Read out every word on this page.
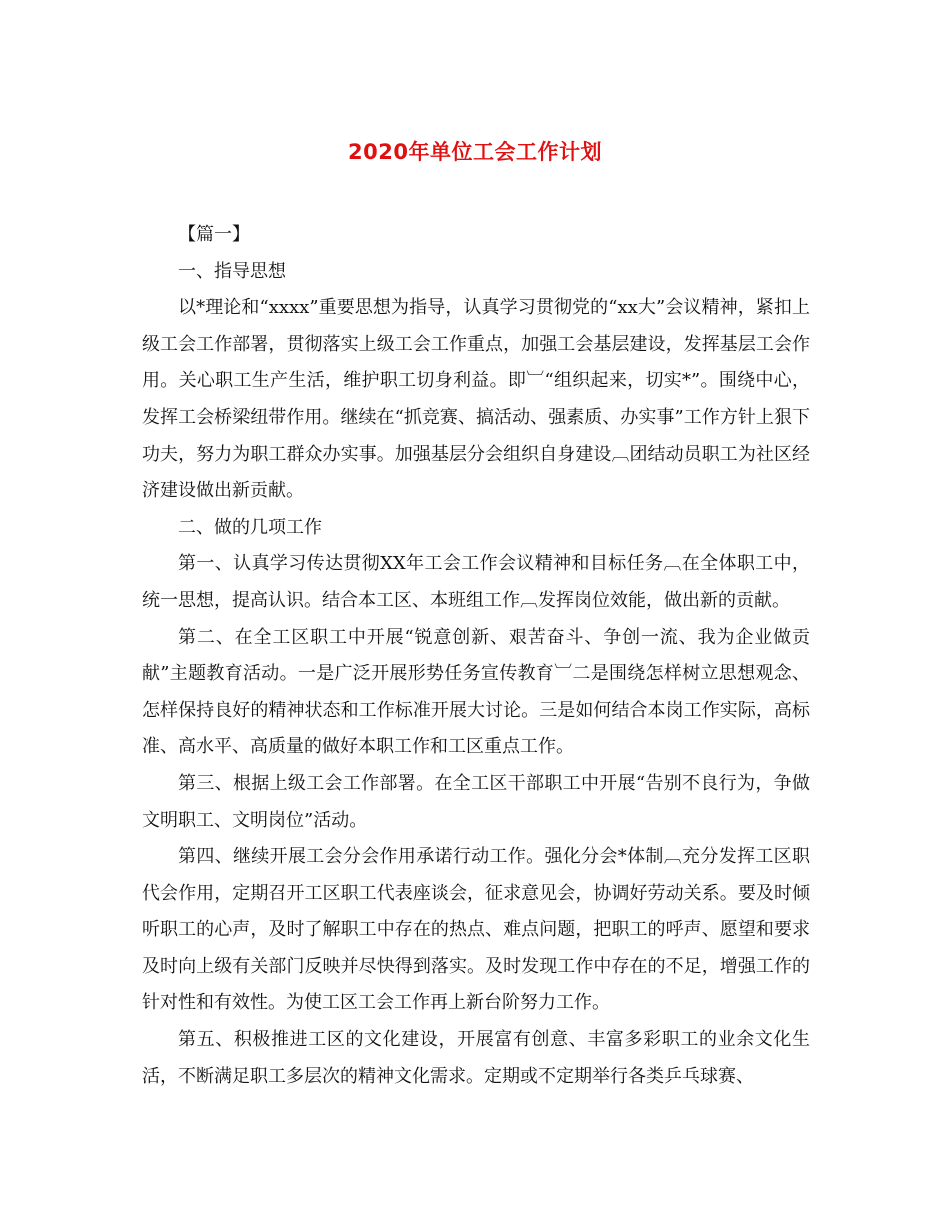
2020年单位工会工作计划

【篇一】

一、指导思想

以*理论和“xxxx”重要思想为指导，认真学习贯彻党的“xx大”会议精神，紧扣上级工会工作部署，贯彻落实上级工会工作重点，加强工会基层建设，发挥基层工会作用。关心职工生产生活，维护职工切身利益。即︺“组织起来，切实*”。围绕中心，发挥工会桥梁纽带作用。继续在“抓竞赛、搞活动、强素质、办实事”工作方针上狠下功夫，努力为职工群众办实事。加强基层分会组织自身建设︹团结动员职工为社区经济建设做出新贡献。

二、做的几项工作

第一、认真学习传达贯彻XX年工会工作会议精神和目标任务︹在全体职工中，统一思想，提高认识。结合本工区、本班组工作︹发挥岗位效能，做出新的贡献。

第二、在全工区职工中开展“锐意创新、艰苦奋斗、争创一流、我为企业做贡献”主题教育活动。一是广泛开展形势任务宣传教育︺二是围绕怎样树立思想观念、怎样保持良好的精神状态和工作标准开展大讨论。三是如何结合本岗工作实际，高标准、高水平、高质量的做好本职工作和工区重点工作。

第三、根据上级工会工作部署。在全工区干部职工中开展“告别不良行为，争做文明职工、文明岗位”活动。

第四、继续开展工会分会作用承诺行动工作。强化分会*体制︹充分发挥工区职代会作用，定期召开工区职工代表座谈会，征求意见会，协调好劳动关系。要及时倾听职工的心声，及时了解职工中存在的热点、难点问题，把职工的呼声、愿望和要求及时向上级有关部门反映并尽快得到落实。及时发现工作中存在的不足，增强工作的针对性和有效性。为使工区工会工作再上新台阶努力工作。

第五、积极推进工区的文化建设，开展富有创意、丰富多彩职工的业余文化生活，不断满足职工多层次的精神文化需求。定期或不定期举行各类乒乓球赛、
